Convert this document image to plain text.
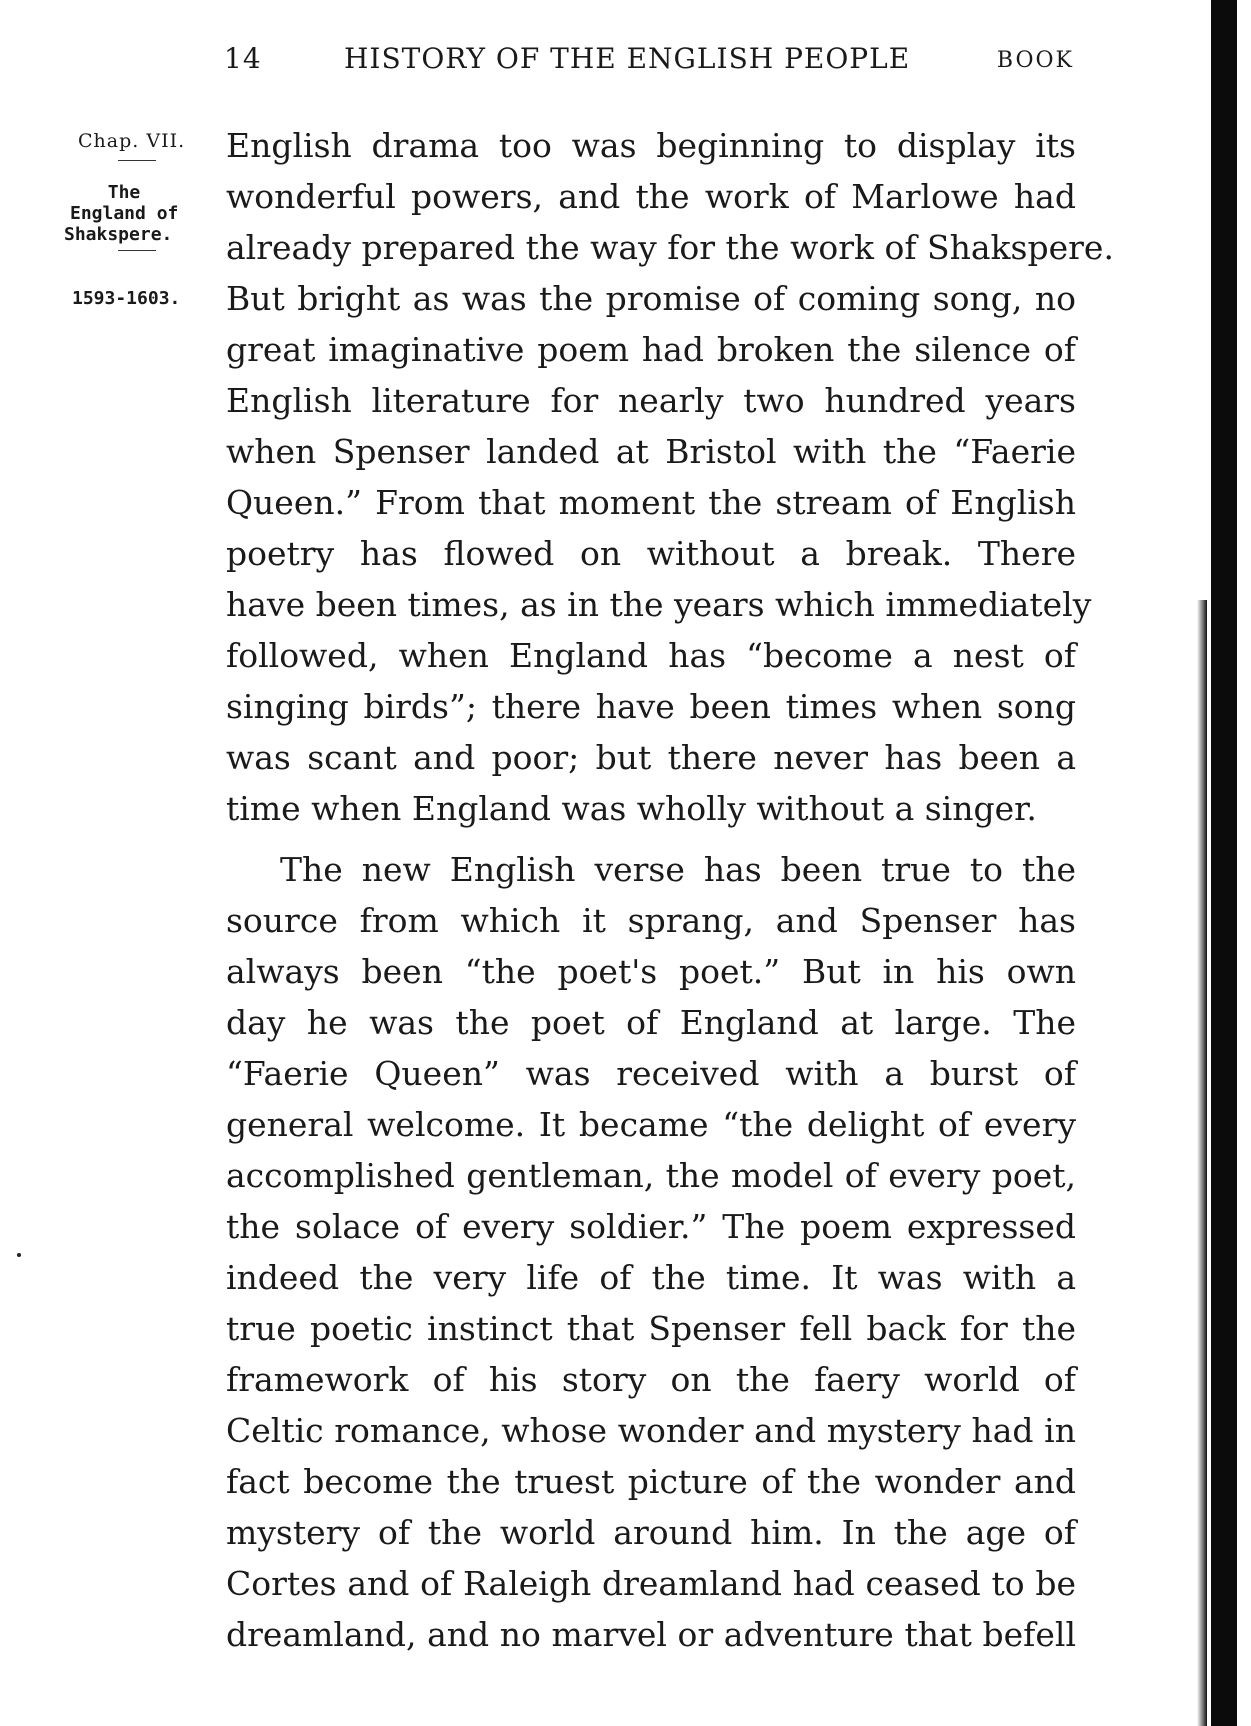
14	HISTORY OF THE ENGLISH PEOPLE	BOOK
Chap. VII.
The
England of
Shakspere.
1593-1603.
English drama too was beginning to display its
wonderful powers, and the work of Marlowe had
already prepared the way for the work of Shakspere.
But bright as was the promise of coming song, no
great imaginative poem had broken the silence of
English literature for nearly two hundred years
when Spenser landed at Bristol with the “Faerie
Queen.” From that moment the stream of English
poetry has flowed on without a break. There
have been times, as in the years which immediately
followed, when England has “become a nest of
singing birds”; there have been times when song
was scant and poor; but there never has been a
time when England was wholly without a singer.
The new English verse has been true to the
source from which it sprang, and Spenser has
always been “the poet's poet.” But in his own
day he was the poet of England at large. The
“Faerie Queen” was received with a burst of
general welcome. It became “the delight of every
accomplished gentleman, the model of every poet,
the solace of every soldier.” The poem expressed
indeed the very life of the time. It was with a
true poetic instinct that Spenser fell back for the
framework of his story on the faery world of
Celtic romance, whose wonder and mystery had in
fact become the truest picture of the wonder and
mystery of the world around him. In the age of
Cortes and of Raleigh dreamland had ceased to be
dreamland, and no marvel or adventure that befell
